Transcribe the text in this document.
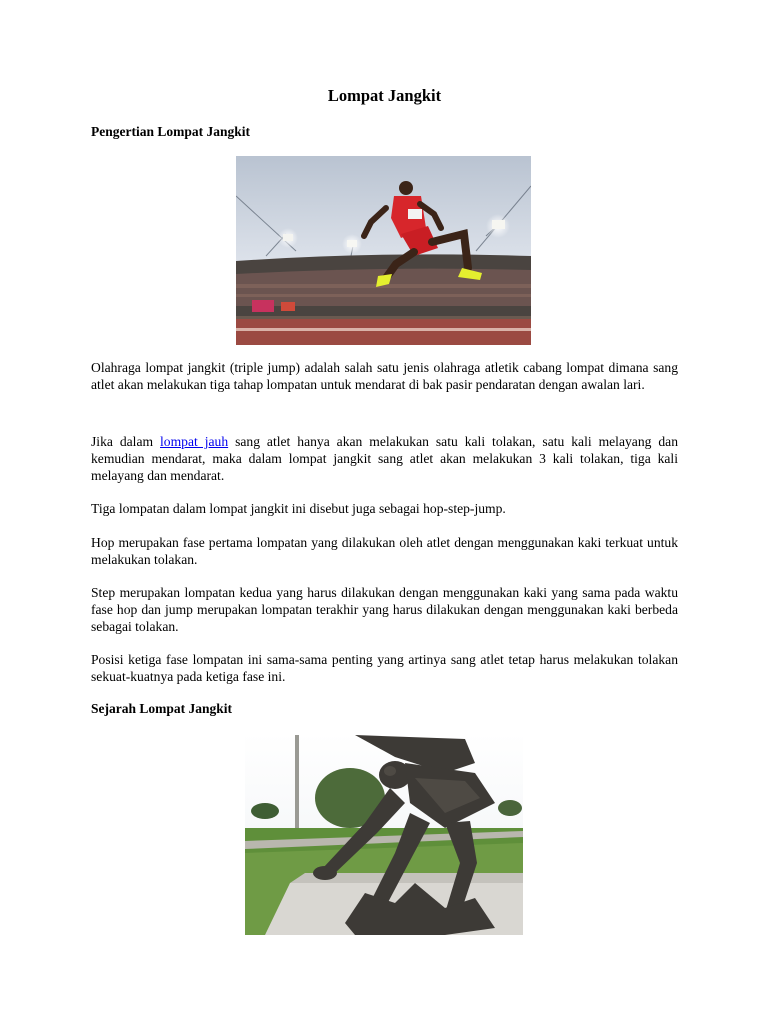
Lompat Jangkit
Pengertian Lompat Jangkit

Olahraga lompat jangkit (triple jump) adalah salah satu jenis olahraga atletik cabang lompat dimana sang atlet akan melakukan tiga tahap lompatan untuk mendarat di bak pasir pendaratan dengan awalan lari.

Jika dalam lompat jauh sang atlet hanya akan melakukan satu kali tolakan, satu kali melayang dan kemudian mendarat, maka dalam lompat jangkit sang atlet akan melakukan 3 kali tolakan, tiga kali melayang dan mendarat.

Tiga lompatan dalam lompat jangkit ini disebut juga sebagai hop-step-jump.

Hop merupakan fase pertama lompatan yang dilakukan oleh atlet dengan menggunakan kaki terkuat untuk melakukan tolakan.

Step merupakan lompatan kedua yang harus dilakukan dengan menggunakan kaki yang sama pada waktu fase hop dan jump merupakan lompatan terakhir yang harus dilakukan dengan menggunakan kaki berbeda sebagai tolakan.

Posisi ketiga fase lompatan ini sama-sama penting yang artinya sang atlet tetap harus melakukan tolakan sekuat-kuatnya pada ketiga fase ini.

Sejarah Lompat Jangkit
